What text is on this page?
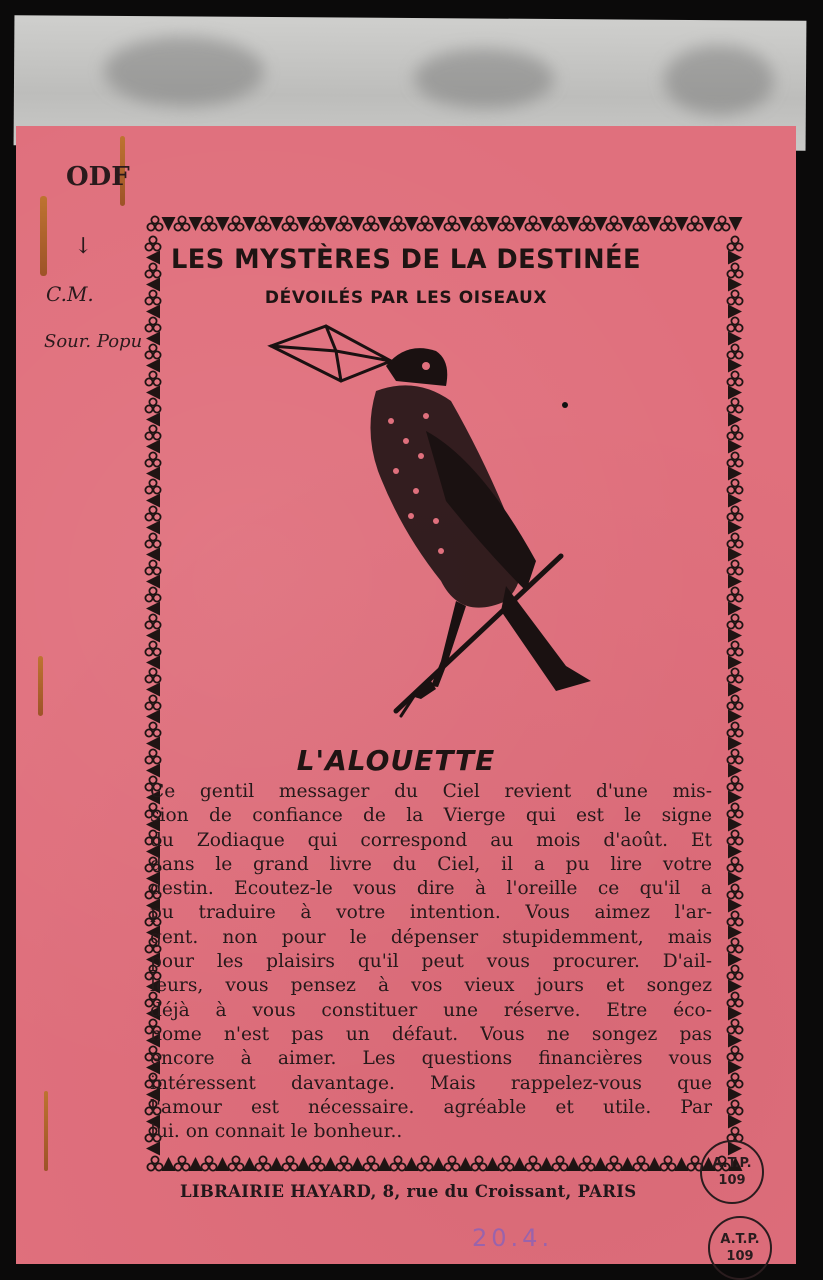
ODF
↓
C.M.
Sour. Popu
LES MYSTÈRES DE LA DESTINÉE
DÉVOILÉS PAR LES OISEAUX
L'ALOUETTE
Ce gentil messager du Ciel revient d'une mis-
sion de confiance de la Vierge qui est le signe
du Zodiaque qui correspond au mois d'août. Et
dans le grand livre du Ciel, il a pu lire votre
destin. Ecoutez-le vous dire à l'oreille ce qu'il a
pu traduire à votre intention. Vous aimez l'ar-
gent. non pour le dépenser stupidemment, mais
pour les plaisirs qu'il peut vous procurer. D'ail-
leurs, vous pensez à vos vieux jours et songez
déjà à vous constituer une réserve. Etre éco-
nome n'est pas un défaut. Vous ne songez pas
encore à aimer. Les questions financières vous
intéressent davantage. Mais rappelez-vous que
l'amour est nécessaire. agréable et utile. Par
lui. on connait le bonheur..
LIBRAIRIE HAYARD, 8, rue du Croissant, PARIS
20.4.
A.T.P.
109
A.T.P.
109
